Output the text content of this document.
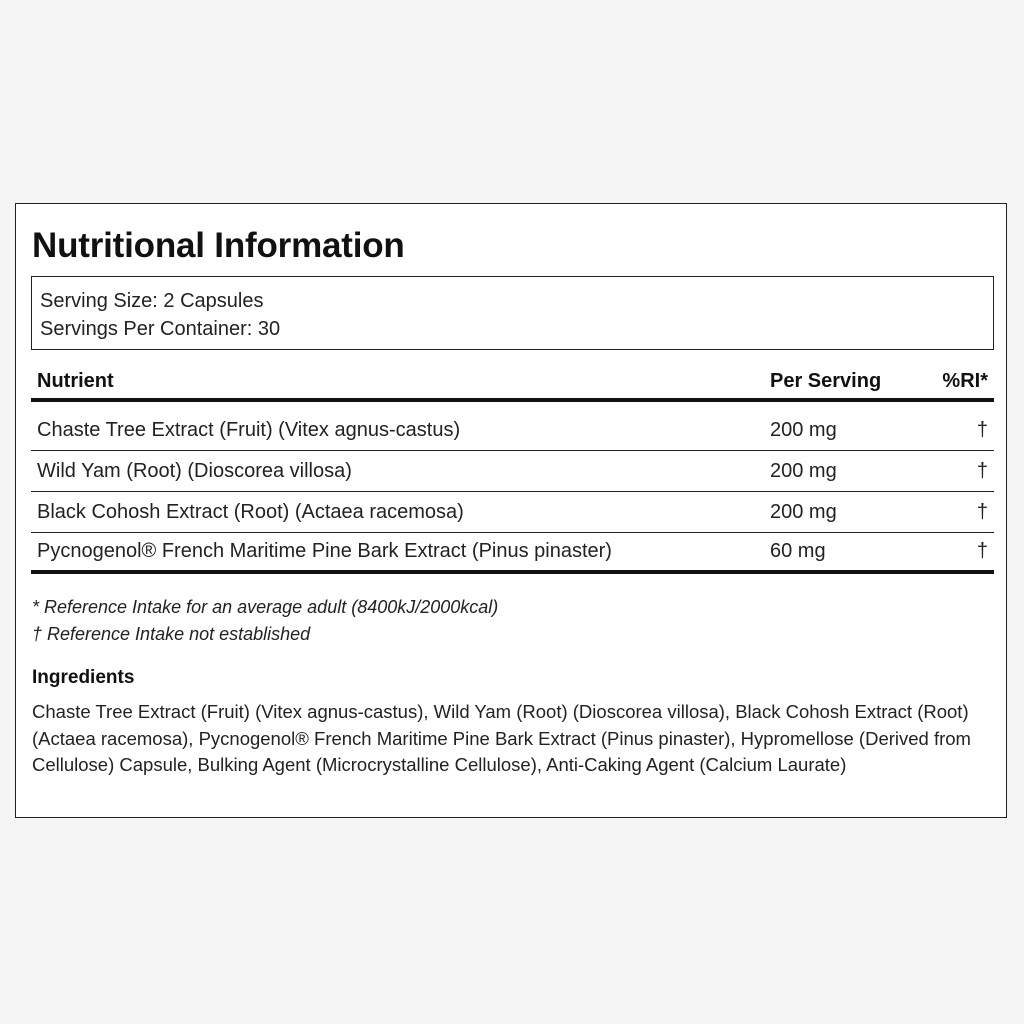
Nutritional Information
Serving Size: 2 Capsules
Servings Per Container: 30
Nutrient	Per Serving	%RI*
Chaste Tree Extract (Fruit) (Vitex agnus-castus)	200 mg	†
Wild Yam (Root) (Dioscorea villosa)	200 mg	†
Black Cohosh Extract (Root) (Actaea racemosa)	200 mg	†
Pycnogenol® French Maritime Pine Bark Extract (Pinus pinaster)	60 mg	†
* Reference Intake for an average adult (8400kJ/2000kcal)
† Reference Intake not established
Ingredients
Chaste Tree Extract (Fruit) (Vitex agnus-castus), Wild Yam (Root) (Dioscorea villosa), Black Cohosh Extract (Root) (Actaea racemosa), Pycnogenol® French Maritime Pine Bark Extract (Pinus pinaster), Hypromellose (Derived from Cellulose) Capsule, Bulking Agent (Microcrystalline Cellulose), Anti-Caking Agent (Calcium Laurate)
